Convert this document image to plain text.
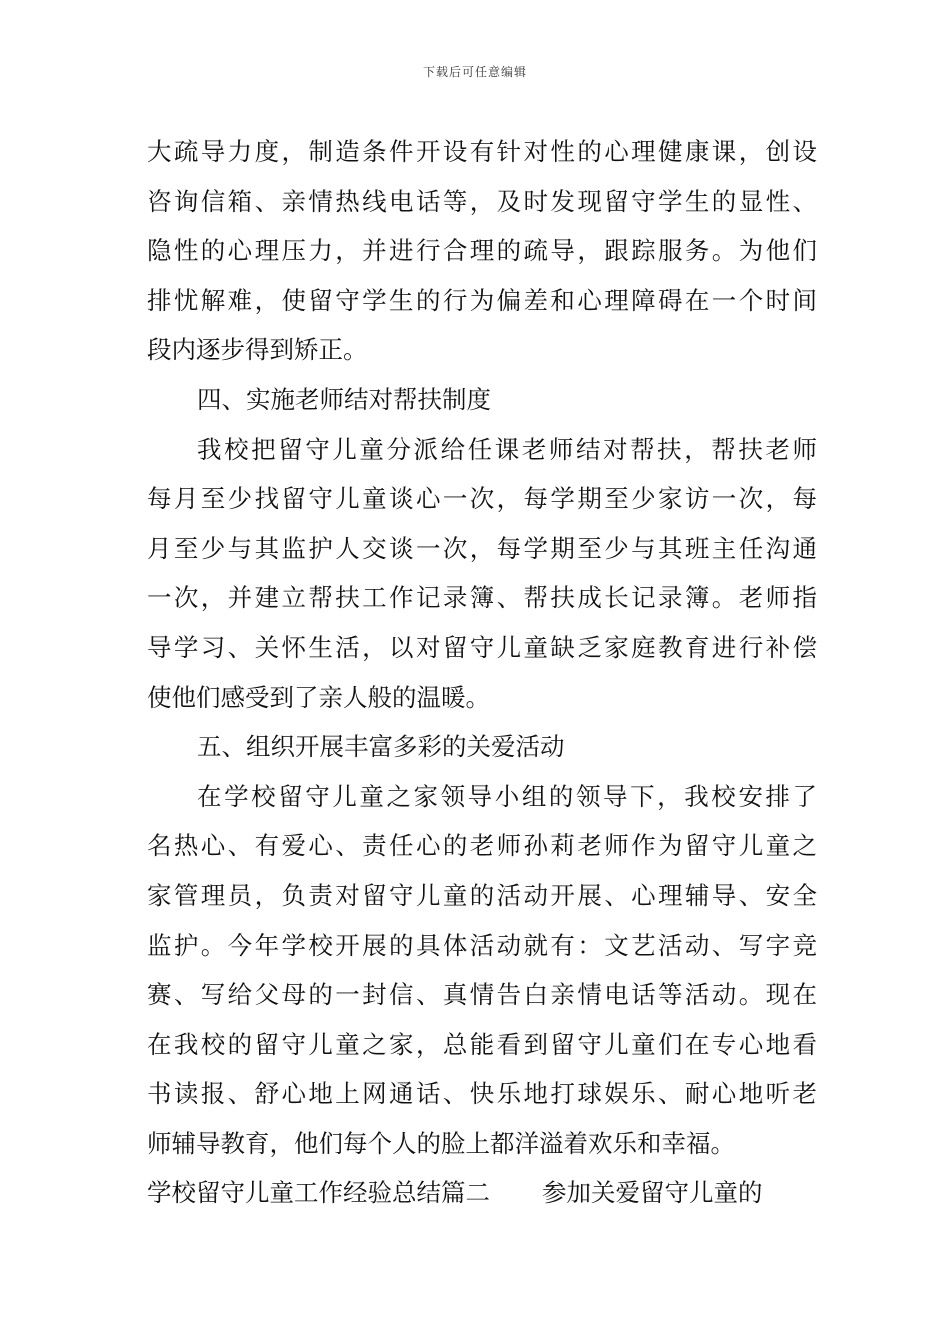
下载后可任意编辑
大疏导力度，制造条件开设有针对性的心理健康课，创设
咨询信箱、亲情热线电话等，及时发现留守学生的显性、
隐性的心理压力，并进行合理的疏导，跟踪服务。为他们
排忧解难，使留守学生的行为偏差和心理障碍在一个时间
段内逐步得到矫正。
四、实施老师结对帮扶制度
我校把留守儿童分派给任课老师结对帮扶，帮扶老师
每月至少找留守儿童谈心一次，每学期至少家访一次，每
月至少与其监护人交谈一次，每学期至少与其班主任沟通
一次，并建立帮扶工作记录簿、帮扶成长记录簿。老师指
导学习、关怀生活，以对留守儿童缺乏家庭教育进行补偿
使他们感受到了亲人般的温暖。
五、组织开展丰富多彩的关爱活动
在学校留守儿童之家领导小组的领导下，我校安排了
名热心、有爱心、责任心的老师孙莉老师作为留守儿童之
家管理员，负责对留守儿童的活动开展、心理辅导、安全
监护。今年学校开展的具体活动就有：文艺活动、写字竞
赛、写给父母的一封信、真情告白亲情电话等活动。现在
在我校的留守儿童之家，总能看到留守儿童们在专心地看
书读报、舒心地上网通话、快乐地打球娱乐、耐心地听老
师辅导教育，他们每个人的脸上都洋溢着欢乐和幸福。
学校留守儿童工作经验总结篇二 参加关爱留守儿童的
